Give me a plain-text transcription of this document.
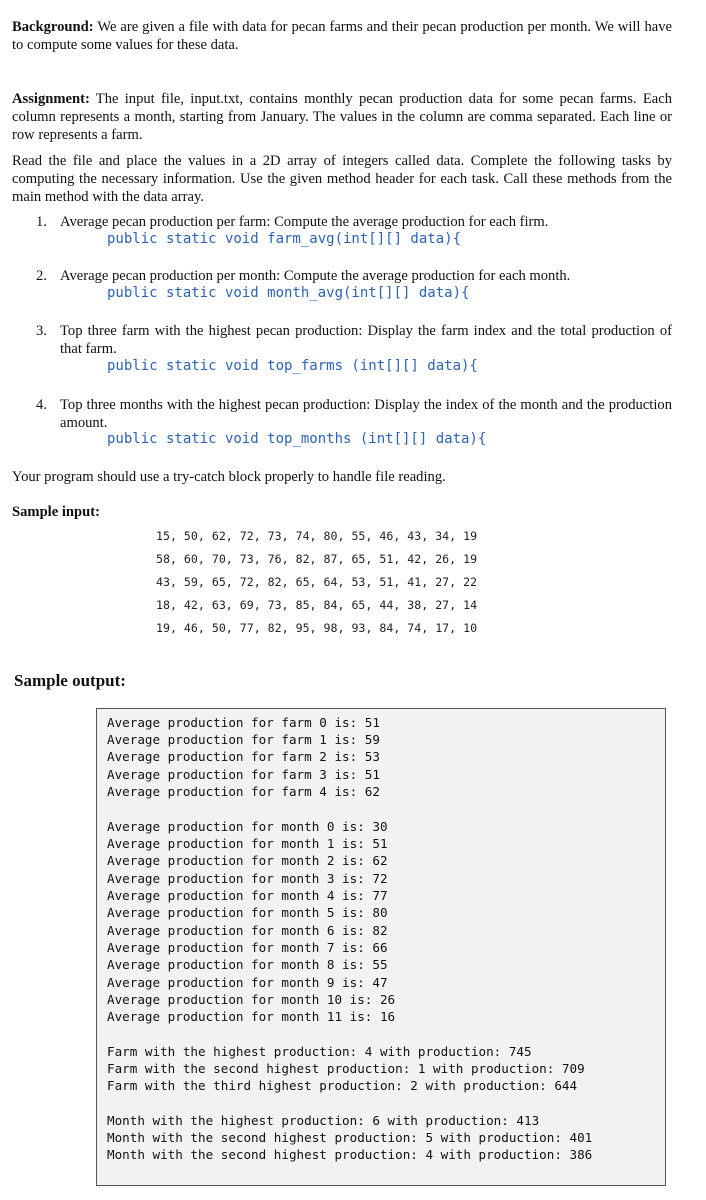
Background: We are given a file with data for pecan farms and their pecan production per month. We will have to compute some values for these data.

Assignment: The input file, input.txt, contains monthly pecan production data for some pecan farms. Each column represents a month, starting from January. The values in the column are comma separated. Each line or row represents a farm.

Read the file and place the values in a 2D array of integers called data. Complete the following tasks by computing the necessary information. Use the given method header for each task. Call these methods from the main method with the data array.

1. Average pecan production per farm: Compute the average production for each firm.

public static void farm_avg(int[][] data){

2. Average pecan production per month: Compute the average production for each month.

public static void month_avg(int[][] data){

3. Top three farm with the highest pecan production: Display the farm index and the total production of that farm.

public static void top_farms (int[][] data){

4. Top three months with the highest pecan production: Display the index of the month and the production amount.

public static void top_months (int[][] data){

Your program should use a try-catch block properly to handle file reading.

Sample input:
15, 50, 62, 72, 73, 74, 80, 55, 46, 43, 34, 19
58, 60, 70, 73, 76, 82, 87, 65, 51, 42, 26, 19
43, 59, 65, 72, 82, 65, 64, 53, 51, 41, 27, 22
18, 42, 63, 69, 73, 85, 84, 65, 44, 38, 27, 14
19, 46, 50, 77, 82, 95, 98, 93, 84, 74, 17, 10
Sample output:
Average production for farm 0 is: 51
Average production for farm 1 is: 59
Average production for farm 2 is: 53
Average production for farm 3 is: 51
Average production for farm 4 is: 62
Average production for month 0 is: 30
Average production for month 1 is: 51
Average production for month 2 is: 62
Average production for month 3 is: 72
Average production for month 4 is: 77
Average production for month 5 is: 80
Average production for month 6 is: 82
Average production for month 7 is: 66
Average production for month 8 is: 55
Average production for month 9 is: 47
Average production for month 10 is: 26
Average production for month 11 is: 16
Farm with the highest production: 4 with production: 745
Farm with the second highest production: 1 with production: 709
Farm with the third highest production: 2 with production: 644
Month with the highest production: 6 with production: 413
Month with the second highest production: 5 with production: 401
Month with the second highest production: 4 with production: 386
